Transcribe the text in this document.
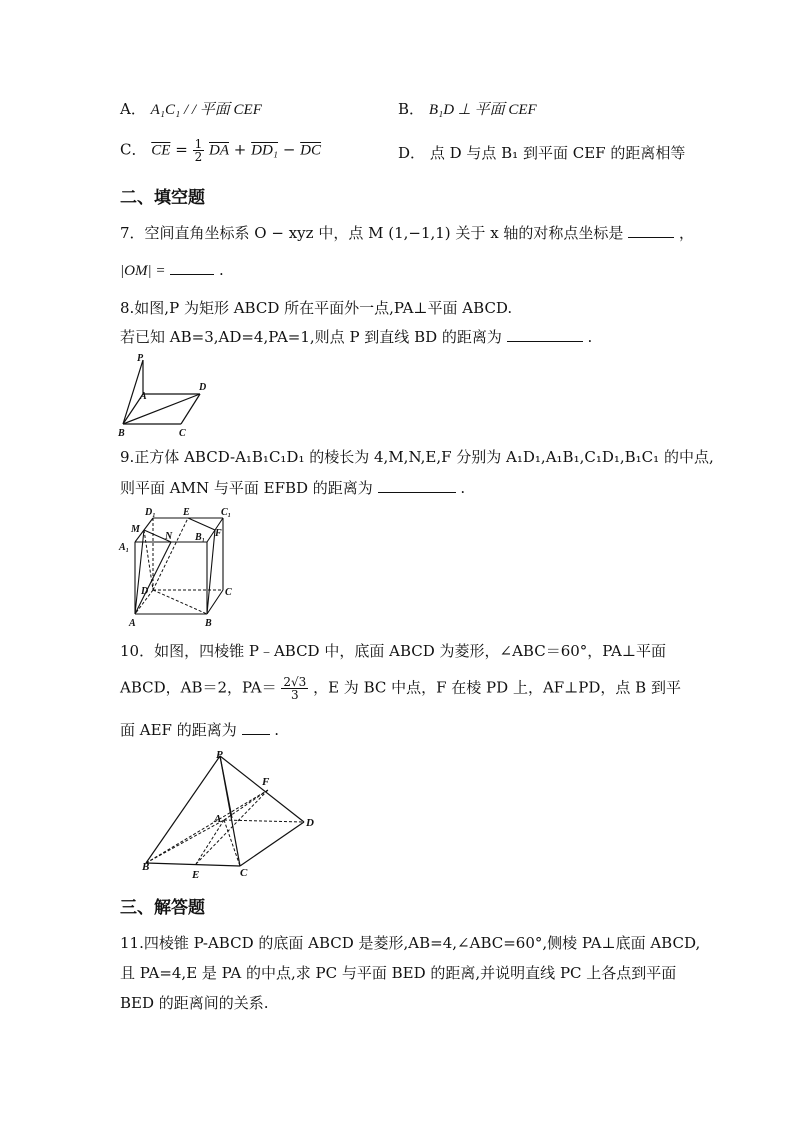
A． A₁C₁ / / 平面 CEF	B． B₁D ⊥ 平面 CEF
C． $\overline{CE} = \frac{1}{2} \overline{DA} + DD_1 - \overline{DC}$	D． 点 D 与点 B₁ 到平面 CEF 的距离相等
二、填空题
7．空间直角坐标系 O − xyz 中，点 M (1,−1,1) 关于 x 轴的对称点坐标是	，
|OM| =	.
8.如图,P 为矩形 ABCD 所在平面外一点,PA⊥平面 ABCD.
若已知 AB=3,AD=4,PA=1,则点 P 到直线 BD 的距离为	.
P
A
D
B	C
9.正方体 ABCD-A₁B₁C₁D₁ 的棱长为 4,M,N,E,F 分别为 A₁D₁,A₁B₁,C₁D₁,B₁C₁ 的中点,
则平面 AMN 与平面 EFBD 的距离为	.
D₁	E	C₁
M
N B₁ F
A₁
D	C
A	B
10．如图，四棱锥 P﹣ABCD 中，底面 ABCD 为菱形，∠ABC＝60°，PA⊥平面
ABCD，AB＝2，$PA= \frac{2√3}{3}$ ，E 为 BC 中点，F 在棱 PD 上，AF⊥PD，点 B 到平
面 AEF 的距离为	.
P
F
A	D
B
E	C
三、解答题
11.四棱锥 P-ABCD 的底面 ABCD 是菱形,AB=4,∠ABC=60°,侧棱 PA⊥底面 ABCD,
且 PA=4,E 是 PA 的中点,求 PC 与平面 BED 的距离,并说明直线 PC 上各点到平面
BED 的距离间的关系.
